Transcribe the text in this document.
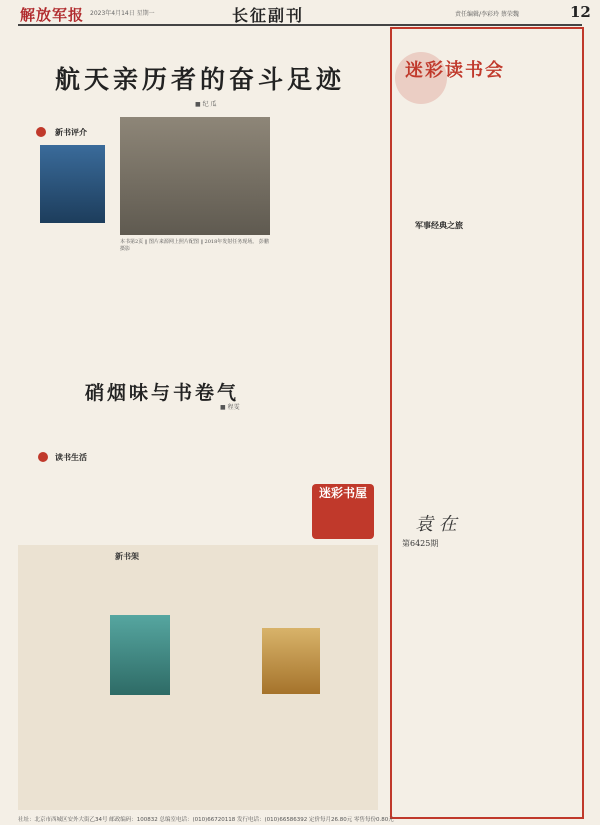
解放军报 2023年4月14日 星期一	长征副刊	责任编辑/李彩玲 蔡荣魏	12
航天亲历者的奋斗足迹
■ 纪 瓜
本书第2页 ‖ 图片来源网上照片配图 ‖ 2018年发射任务现场。 彭鹏 摄影
新书评介
硝烟味与书卷气
■ 程雯
读书生活
迷彩书屋
袁 在
第6425期
新书架
迷彩读书会
军事经典之旅
社址：北京市西城区安外大街乙34号 邮政编码：100832 总编室电话：(010)66720118 发行电话：(010)66586392 定价每月26.80元 零售每份0.80元
